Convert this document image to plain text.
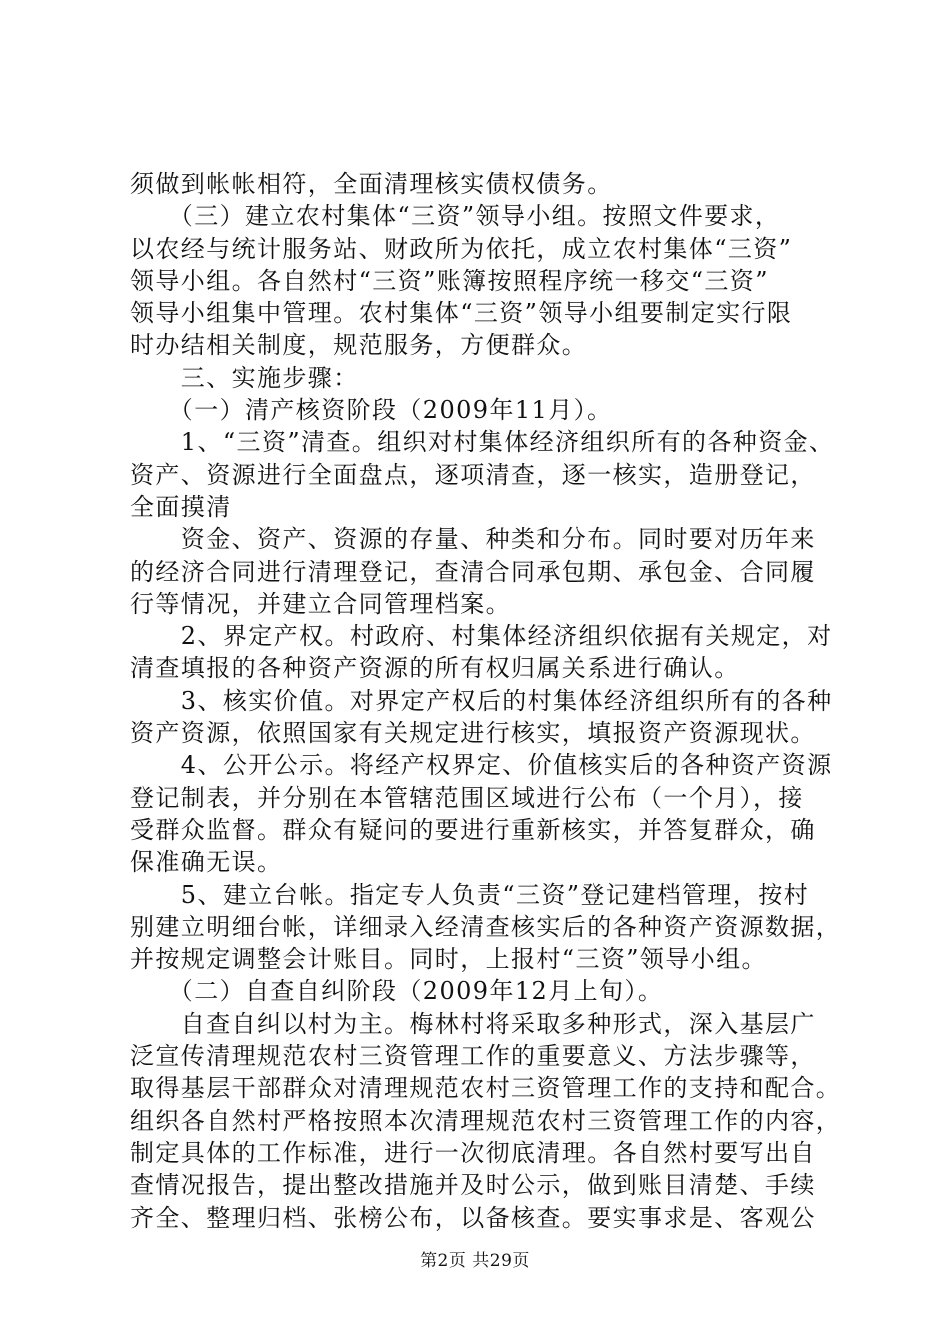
须做到帐帐相符，全面清理核实债权债务。
　　（三）建立农村集体“三资”领导小组。按照文件要求，
以农经与统计服务站、财政所为依托，成立农村集体“三资”
领导小组。各自然村“三资”账簿按照程序统一移交“三资”
领导小组集中管理。农村集体“三资”领导小组要制定实行限
时办结相关制度，规范服务，方便群众。
　　三、实施步骤：
　　（一）清产核资阶段（2009年11月）。
　　1、“三资”清查。组织对村集体经济组织所有的各种资金、
资产、资源进行全面盘点，逐项清查，逐一核实，造册登记，
全面摸清
　　资金、资产、资源的存量、种类和分布。同时要对历年来
的经济合同进行清理登记，查清合同承包期、承包金、合同履
行等情况，并建立合同管理档案。
　　2、界定产权。村政府、村集体经济组织依据有关规定，对
清查填报的各种资产资源的所有权归属关系进行确认。
　　3、核实价值。对界定产权后的村集体经济组织所有的各种
资产资源，依照国家有关规定进行核实，填报资产资源现状。
　　4、公开公示。将经产权界定、价值核实后的各种资产资源
登记制表，并分别在本管辖范围区域进行公布（一个月），接
受群众监督。群众有疑问的要进行重新核实，并答复群众，确
保准确无误。
　　5、建立台帐。指定专人负责“三资”登记建档管理，按村
别建立明细台帐，详细录入经清查核实后的各种资产资源数据，
并按规定调整会计账目。同时，上报村“三资”领导小组。
　　（二）自查自纠阶段（2009年12月上旬）。
　　自查自纠以村为主。梅林村将采取多种形式，深入基层广
泛宣传清理规范农村三资管理工作的重要意义、方法步骤等，
取得基层干部群众对清理规范农村三资管理工作的支持和配合。
组织各自然村严格按照本次清理规范农村三资管理工作的内容，
制定具体的工作标准，进行一次彻底清理。各自然村要写出自
查情况报告，提出整改措施并及时公示，做到账目清楚、手续
齐全、整理归档、张榜公布，以备核查。要实事求是、客观公
第2页 共29页
